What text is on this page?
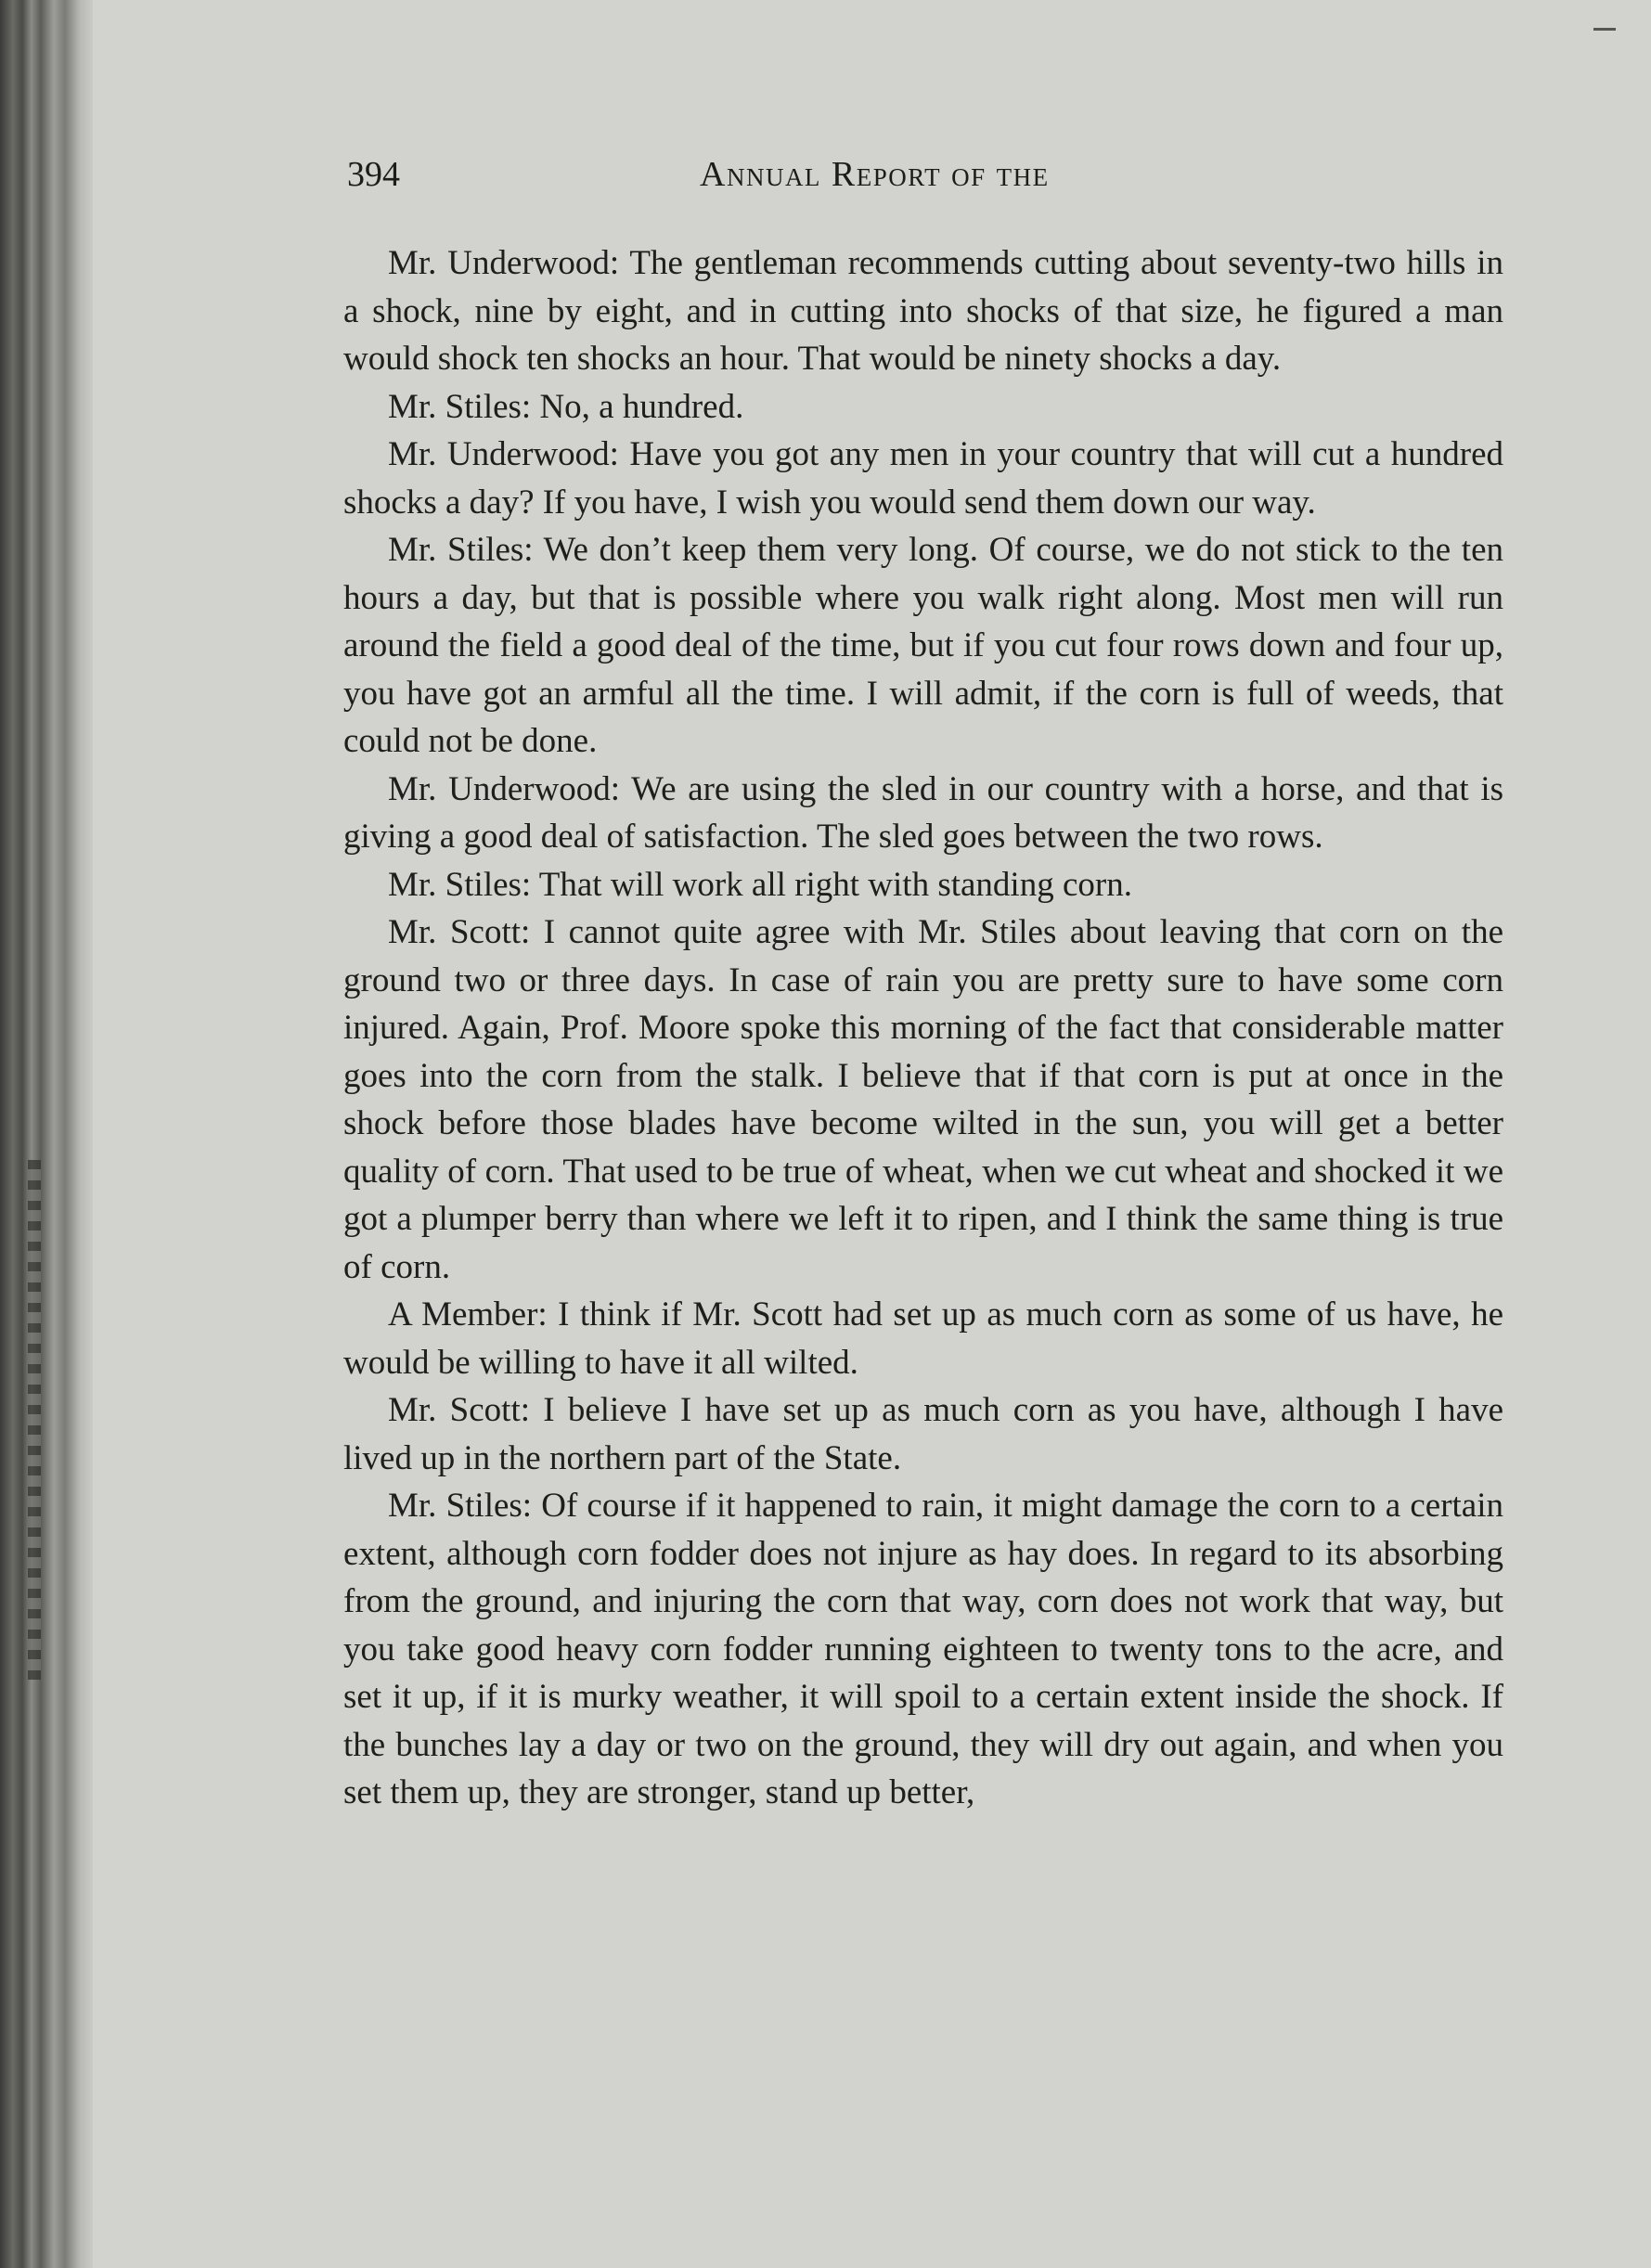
394	Annual Report of the

Mr. Underwood: The gentleman recommends cutting about seventy-two hills in a shock, nine by eight, and in cutting into shocks of that size, he figured a man would shock ten shocks an hour. That would be ninety shocks a day.

Mr. Stiles: No, a hundred.

Mr. Underwood: Have you got any men in your country that will cut a hundred shocks a day? If you have, I wish you would send them down our way.

Mr. Stiles: We don’t keep them very long. Of course, we do not stick to the ten hours a day, but that is possible where you walk right along. Most men will run around the field a good deal of the time, but if you cut four rows down and four up, you have got an armful all the time. I will admit, if the corn is full of weeds, that could not be done.

Mr. Underwood: We are using the sled in our country with a horse, and that is giving a good deal of satisfaction. The sled goes between the two rows.

Mr. Stiles: That will work all right with standing corn.

Mr. Scott: I cannot quite agree with Mr. Stiles about leaving that corn on the ground two or three days. In case of rain you are pretty sure to have some corn injured. Again, Prof. Moore spoke this morning of the fact that considerable matter goes into the corn from the stalk. I believe that if that corn is put at once in the shock before those blades have become wilted in the sun, you will get a better quality of corn. That used to be true of wheat, when we cut wheat and shocked it we got a plumper berry than where we left it to ripen, and I think the same thing is true of corn.

A Member: I think if Mr. Scott had set up as much corn as some of us have, he would be willing to have it all wilted.

Mr. Scott: I believe I have set up as much corn as you have, although I have lived up in the northern part of the State.

Mr. Stiles: Of course if it happened to rain, it might damage the corn to a certain extent, although corn fodder does not injure as hay does. In regard to its absorbing from the ground, and injuring the corn that way, corn does not work that way, but you take good heavy corn fodder running eighteen to twenty tons to the acre, and set it up, if it is murky weather, it will spoil to a certain extent inside the shock. If the bunches lay a day or two on the ground, they will dry out again, and when you set them up, they are stronger, stand up better,
